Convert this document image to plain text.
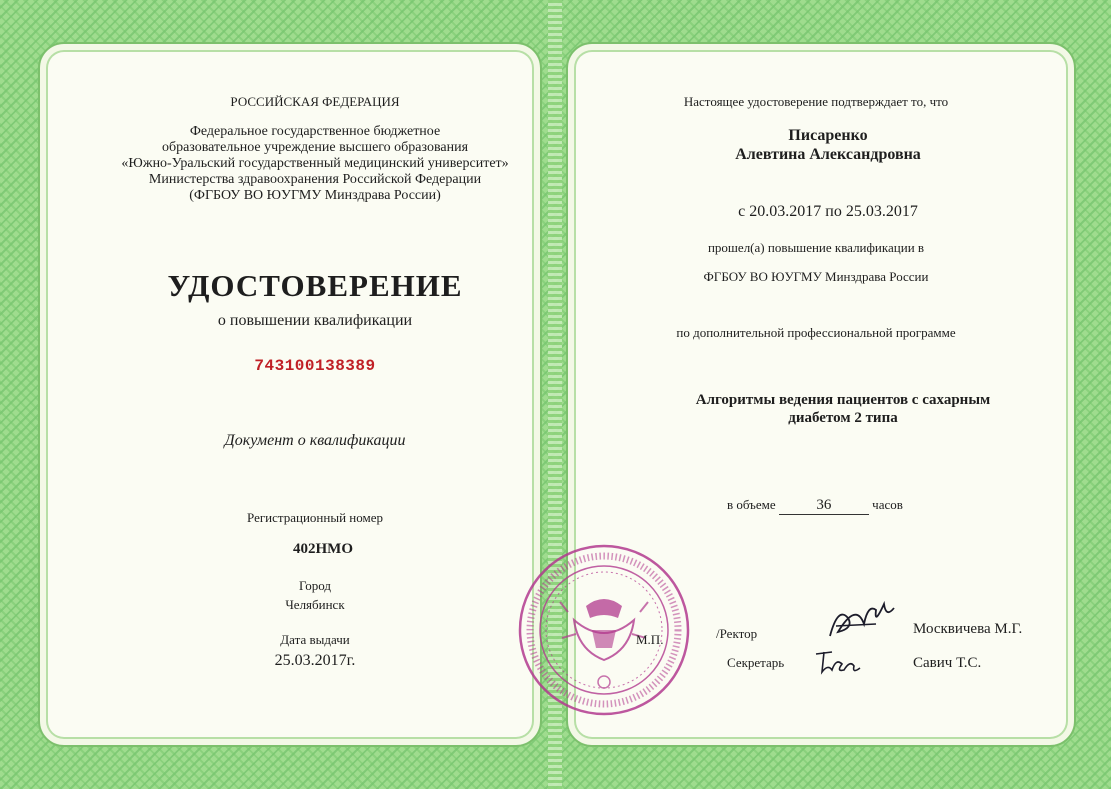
РОССИЙСКАЯ ФЕДЕРАЦИЯ
Федеральное государственное бюджетное
образовательное учреждение высшего образования
«Южно-Уральский государственный медицинский университет»
Министерства здравоохранения Российской Федерации
(ФГБОУ ВО ЮУГМУ Минздрава России)
УДОСТОВЕРЕНИЕ
о повышении квалификации
743100138389
Документ о квалификации
Регистрационный номер
402НМО
Город
Челябинск
Дата выдачи
25.03.2017г.
М.П.
Настоящее удостоверение подтверждает то, что
Писаренко
Алевтина Александровна
с 20.03.2017 по 25.03.2017
прошел(а) повышение квалификации в
ФГБОУ ВО ЮУГМУ Минздрава России
по дополнительной профессиональной программе
Алгоритмы ведения пациентов с сахарным
диабетом 2 типа
в объеме	36	часов
/Ректор	Москвичева М.Г.
Секретарь	Савич Т.С.
